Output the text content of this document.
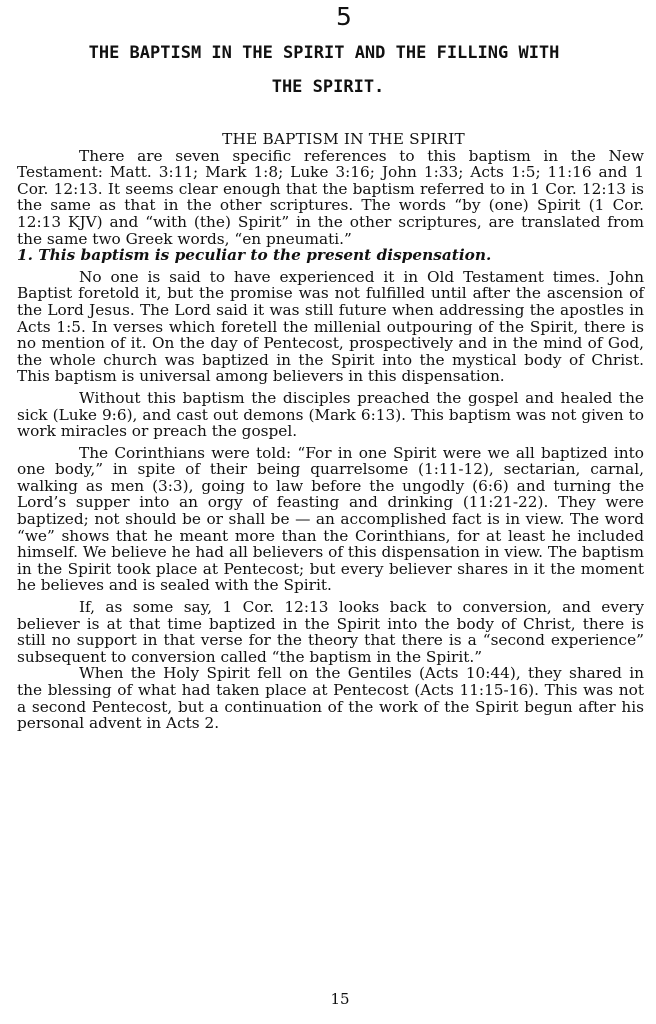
5
THE BAPTISM IN THE SPIRIT AND THE FILLING WITH
THE SPIRIT.
THE BAPTISM IN THE SPIRIT

There are seven specific references to this baptism in the New Testament: Matt. 3:11; Mark 1:8; Luke 3:16; John 1:33; Acts 1:5; 11:16 and 1 Cor. 12:13. It seems clear enough that the baptism referred to in 1 Cor. 12:13 is the same as that in the other scriptures. The words “by (one) Spirit (1 Cor. 12:13 KJV) and “with (the) Spirit” in the other scriptures, are translated from the same two Greek words, “en pneumati.”

1. This baptism is peculiar to the present dispensation.

No one is said to have experienced it in Old Testament times. John Baptist foretold it, but the promise was not fulfilled until after the ascension of the Lord Jesus. The Lord said it was still future when addressing the apostles in Acts 1:5. In verses which foretell the millenial outpouring of the Spirit, there is no mention of it. On the day of Pentecost, prospectively and in the mind of God, the whole church was baptized in the Spirit into the mystical body of Christ. This baptism is universal among believers in this dispensation.

Without this baptism the disciples preached the gospel and healed the sick (Luke 9:6), and cast out demons (Mark 6:13). This baptism was not given to work miracles or preach the gospel.

The Corinthians were told: “For in one Spirit were we all baptized into one body,” in spite of their being quarrelsome (1:11-12), sectarian, carnal, walking as men (3:3), going to law before the ungodly (6:6) and turning the Lord’s supper into an orgy of feasting and drinking (11:21-22). They were baptized; not should be or shall be — an accomplished fact is in view. The word “we” shows that he meant more than the Corinthians, for at least he included himself. We believe he had all believers of this dispensation in view. The baptism in the Spirit took place at Pentecost; but every believer shares in it the moment he believes and is sealed with the Spirit.

If, as some say, 1 Cor. 12:13 looks back to conversion, and every believer is at that time baptized in the Spirit into the body of Christ, there is still no support in that verse for the theory that there is a “second experience” subsequent to conversion called “the baptism in the Spirit.”

When the Holy Spirit fell on the Gentiles (Acts 10:44), they shared in the blessing of what had taken place at Pentecost (Acts 11:15-16). This was not a second Pentecost, but a continuation of the work of the Spirit begun after his personal advent in Acts 2.

15
